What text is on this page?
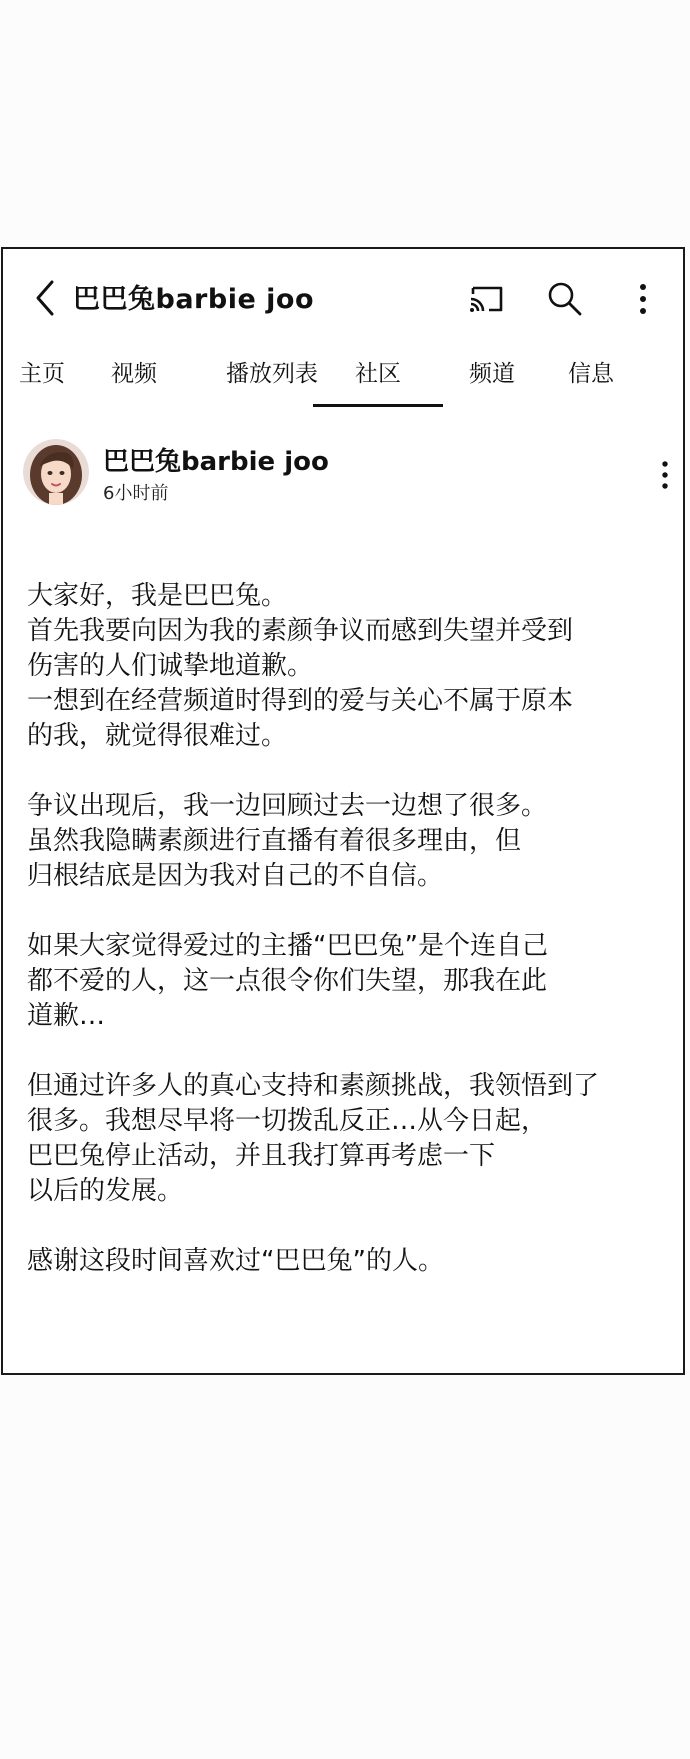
巴巴兔barbie joo
主页 视频	播放列表	社区	频道 信息
巴巴兔barbie joo
6小时前

大家好，我是巴巴兔。
首先我要向因为我的素颜争议而感到失望并受到
伤害的人们诚挚地道歉。
一想到在经营频道时得到的爱与关心不属于原本
的我，就觉得很难过。

争议出现后，我一边回顾过去一边想了很多。
虽然我隐瞒素颜进行直播有着很多理由，但
归根结底是因为我对自己的不自信。

如果大家觉得爱过的主播“巴巴兔”是个连自己
都不爱的人，这一点很令你们失望，那我在此
道歉…

但通过许多人的真心支持和素颜挑战，我领悟到了
很多。我想尽早将一切拨乱反正…从今日起，
巴巴兔停止活动，并且我打算再考虑一下
以后的发展。

感谢这段时间喜欢过“巴巴兔”的人。
